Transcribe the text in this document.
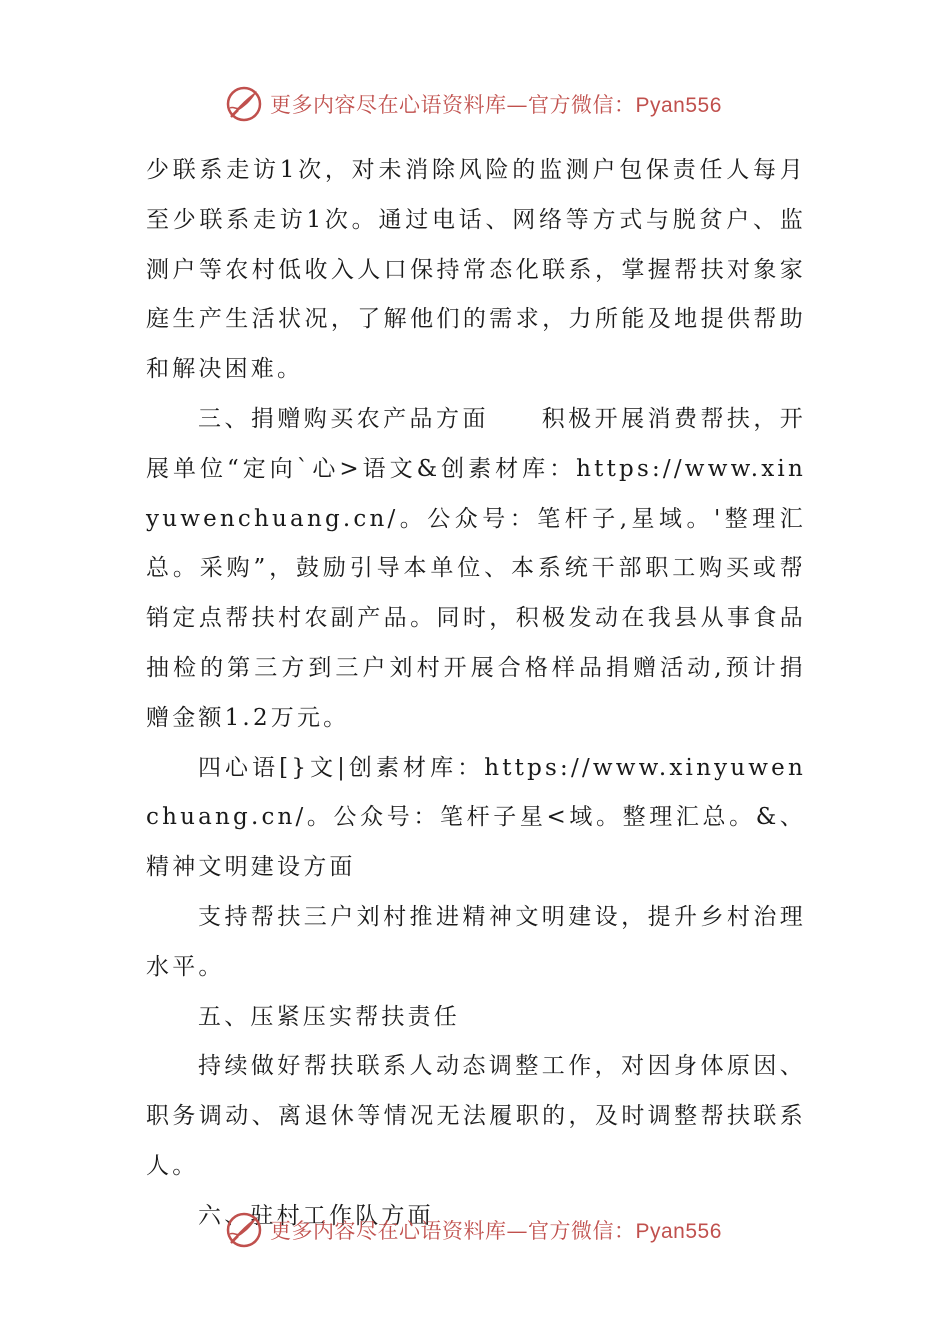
更多内容尽在心语资料库—官方微信：Pyan556

少联系走访1次，对未消除风险的监测户包保责任人每月至少联系走访1次。通过电话、网络等方式与脱贫户、监测户等农村低收入人口保持常态化联系，掌握帮扶对象家庭生产生活状况，了解他们的需求，力所能及地提供帮助和解决困难。

三、捐赠购买农产品方面　　积极开展消费帮扶，开展单位“定向`心>语文&创素材库：https://www.xinyuwenchuang.cn/。公众号：笔杆子,星域。'整理汇总。采购”，鼓励引导本单位、本系统干部职工购买或帮销定点帮扶村农副产品。同时，积极发动在我县从事食品抽检的第三方到三户刘村开展合格样品捐赠活动,预计捐赠金额1.2万元。

四心语[}文|创素材库：https://www.xinyuwenchuang.cn/。公众号：笔杆子星<域。整理汇总。&、精神文明建设方面

支持帮扶三户刘村推进精神文明建设，提升乡村治理水平。

五、压紧压实帮扶责任

持续做好帮扶联系人动态调整工作，对因身体原因、职务调动、离退休等情况无法履职的，及时调整帮扶联系人。

六、驻村工作队方面

更多内容尽在心语资料库—官方微信：Pyan556
